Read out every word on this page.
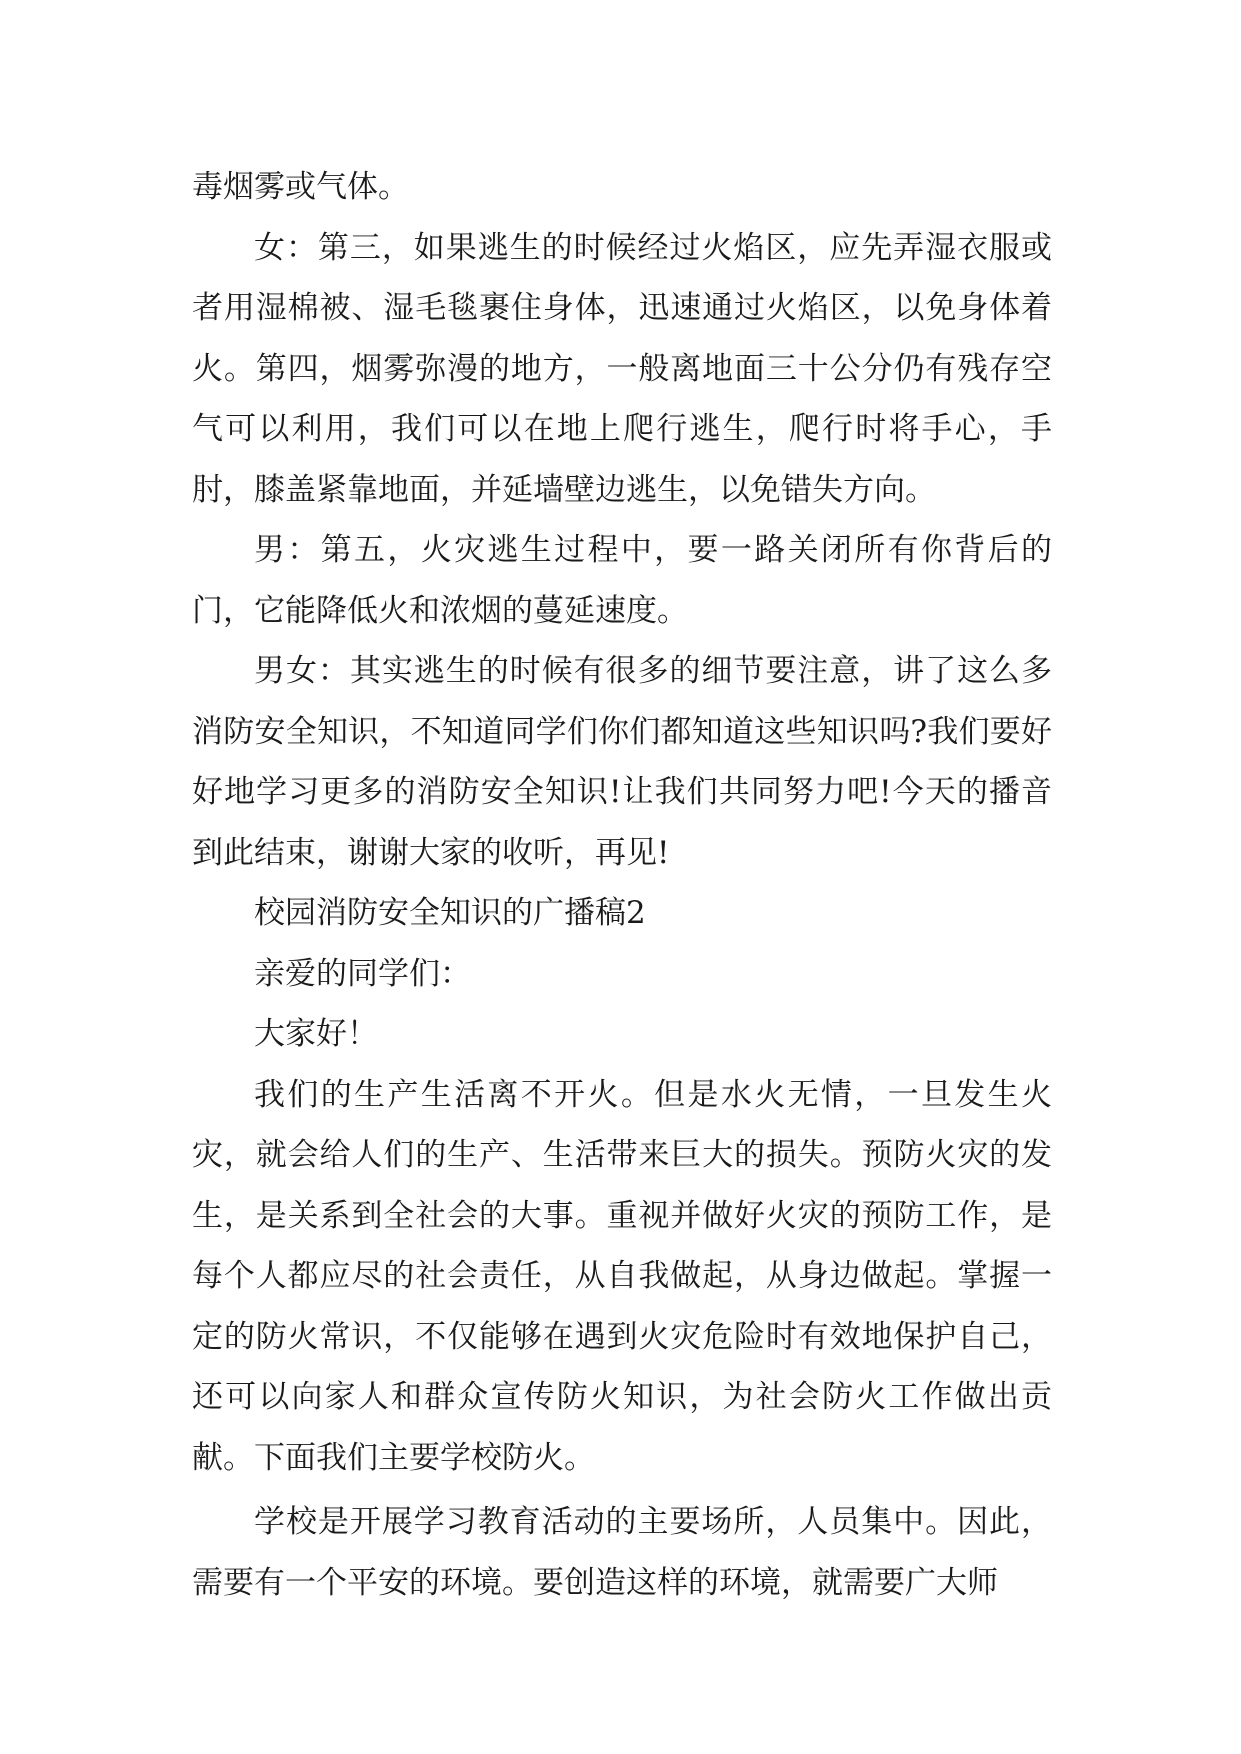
毒烟雾或气体。

女：第三，如果逃生的时候经过火焰区，应先弄湿衣服或者用湿棉被、湿毛毯裹住身体，迅速通过火焰区，以免身体着火。第四，烟雾弥漫的地方，一般离地面三十公分仍有残存空气可以利用，我们可以在地上爬行逃生，爬行时将手心，手肘，膝盖紧靠地面，并延墙壁边逃生，以免错失方向。

男：第五，火灾逃生过程中，要一路关闭所有你背后的门，它能降低火和浓烟的蔓延速度。

男女：其实逃生的时候有很多的细节要注意，讲了这么多消防安全知识，不知道同学们你们都知道这些知识吗?我们要好好地学习更多的消防安全知识!让我们共同努力吧!今天的播音到此结束，谢谢大家的收听，再见!

校园消防安全知识的广播稿2

亲爱的同学们：

大家好！

我们的生产生活离不开火。但是水火无情，一旦发生火灾，就会给人们的生产、生活带来巨大的损失。预防火灾的发生，是关系到全社会的大事。重视并做好火灾的预防工作，是每个人都应尽的社会责任，从自我做起，从身边做起。掌握一定的防火常识，不仅能够在遇到火灾危险时有效地保护自己，还可以向家人和群众宣传防火知识，为社会防火工作做出贡献。下面我们主要学校防火。

学校是开展学习教育活动的主要场所，人员集中。因此，需要有一个平安的环境。要创造这样的环境，就需要广大师
